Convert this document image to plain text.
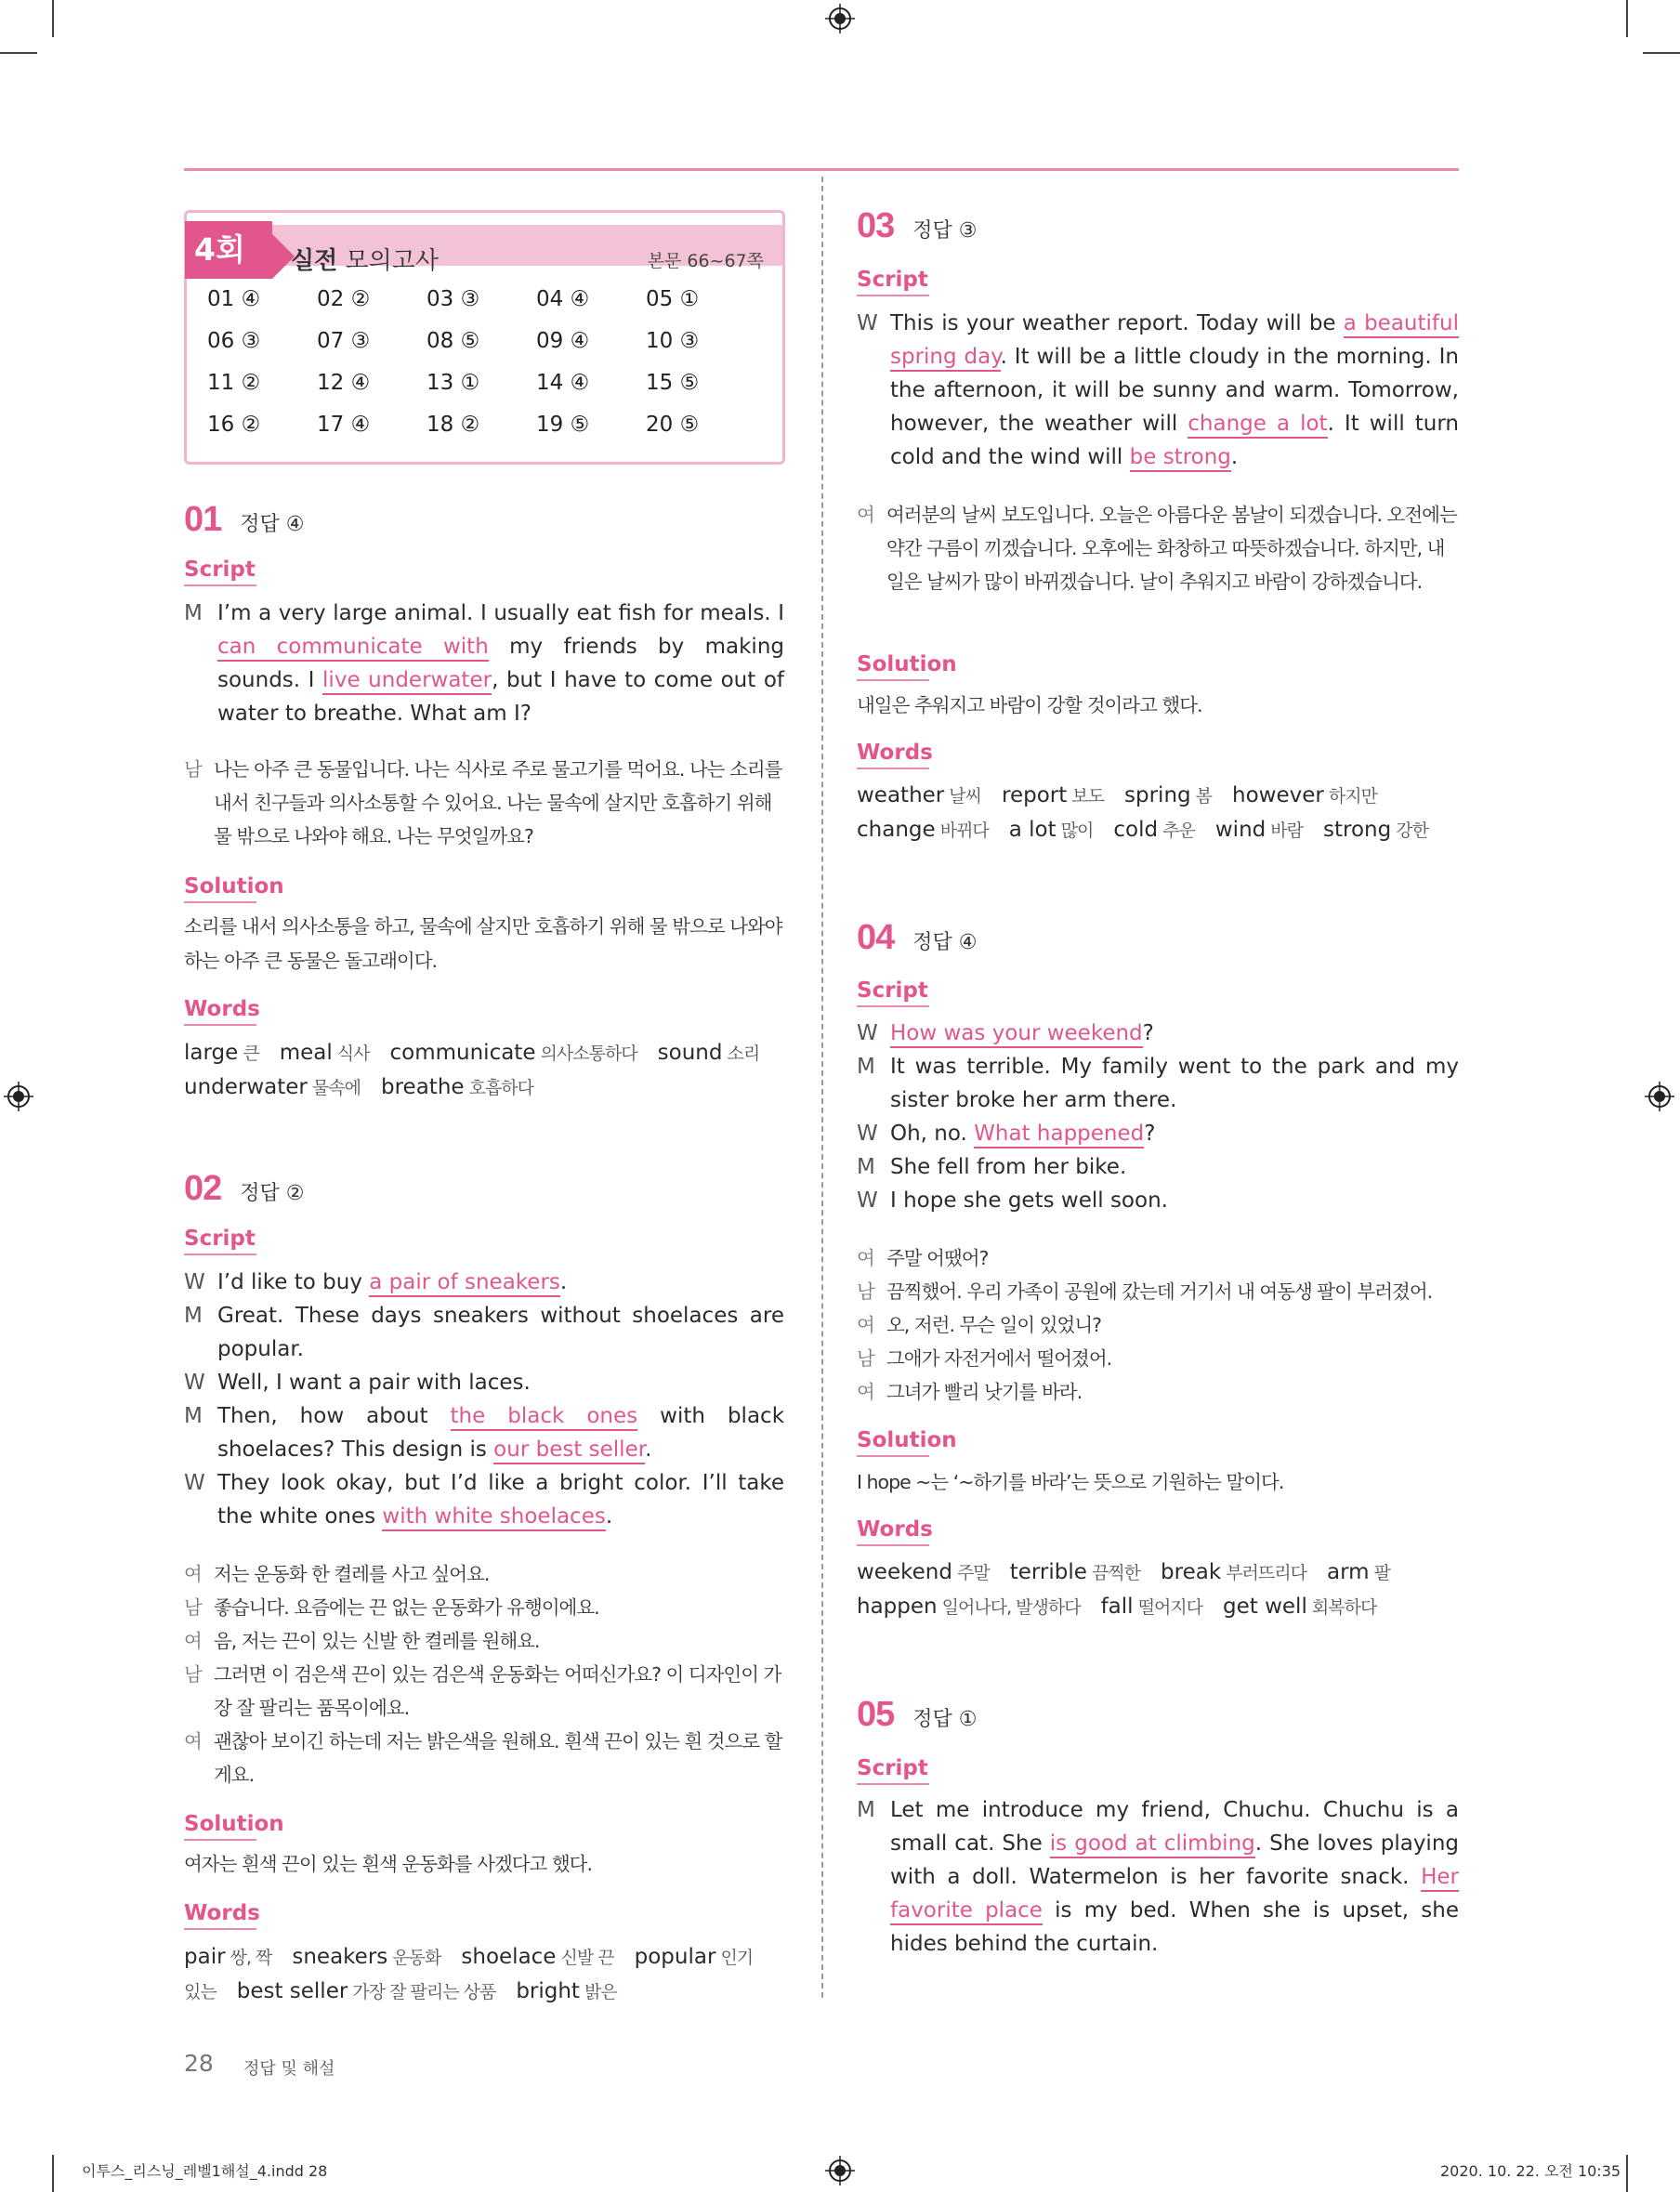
4회	실전 모의고사	본문 66~67쪽
01 ④	02 ②	03 ③	04 ④	05 ①
06 ③	07 ③	08 ⑤	09 ④	10 ③
11 ②	12 ④	13 ①	14 ④	15 ⑤
16 ②	17 ④	18 ②	19 ⑤	20 ⑤
01 정답 ④
Script
M I’m a very large animal. I usually eat fish for meals. I can communicate with my friends by making sounds. I live underwater, but I have to come out of water to breathe. What am I?
남 나는 아주 큰 동물입니다. 나는 식사로 주로 물고기를 먹어요. 나는 소리를 내서 친구들과 의사소통할 수 있어요. 나는 물속에 살지만 호흡하기 위해 물 밖으로 나와야 해요. 나는 무엇일까요?
Solution
소리를 내서 의사소통을 하고, 물속에 살지만 호흡하기 위해 물 밖으로 나와야 하는 아주 큰 동물은 돌고래이다.
Words
large 큰 meal 식사 communicate 의사소통하다 sound 소리
underwater 물속에 breathe 호흡하다
02 정답 ②
Script
W I’d like to buy a pair of sneakers.
M Great. These days sneakers without shoelaces are popular.
W Well, I want a pair with laces.
M Then, how about the black ones with black shoelaces? This design is our best seller.
W They look okay, but I’d like a bright color. I’ll take the white ones with white shoelaces.
여 저는 운동화 한 켤레를 사고 싶어요.
남 좋습니다. 요즘에는 끈 없는 운동화가 유행이에요.
여 음, 저는 끈이 있는 신발 한 켤레를 원해요.
남 그러면 이 검은색 끈이 있는 검은색 운동화는 어떠신가요? 이 디자인이 가장 잘 팔리는 품목이에요.
여 괜찮아 보이긴 하는데 저는 밝은색을 원해요. 흰색 끈이 있는 흰 것으로 할게요.
Solution
여자는 흰색 끈이 있는 흰색 운동화를 사겠다고 했다.
Words
pair 쌍, 짝 sneakers 운동화 shoelace 신발 끈 popular 인기
있는 best seller 가장 잘 팔리는 상품 bright 밝은
03 정답 ③
Script
W This is your weather report. Today will be a beautiful spring day. It will be a little cloudy in the morning. In the afternoon, it will be sunny and warm. Tomorrow, however, the weather will change a lot. It will turn cold and the wind will be strong.
여 여러분의 날씨 보도입니다. 오늘은 아름다운 봄날이 되겠습니다. 오전에는 약간 구름이 끼겠습니다. 오후에는 화창하고 따뜻하겠습니다. 하지만, 내일은 날씨가 많이 바뀌겠습니다. 날이 추워지고 바람이 강하겠습니다.
Solution
내일은 추워지고 바람이 강할 것이라고 했다.
Words
weather 날씨 report 보도 spring 봄 however 하지만
change 바뀌다 a lot 많이 cold 추운 wind 바람 strong 강한
04 정답 ④
Script
W How was your weekend?
M It was terrible. My family went to the park and my sister broke her arm there.
W Oh, no. What happened?
M She fell from her bike.
W I hope she gets well soon.
여 주말 어땠어?
남 끔찍했어. 우리 가족이 공원에 갔는데 거기서 내 여동생 팔이 부러졌어.
여 오, 저런. 무슨 일이 있었니?
남 그애가 자전거에서 떨어졌어.
여 그녀가 빨리 낫기를 바라.
Solution
I hope ~는 ‘~하기를 바라’는 뜻으로 기원하는 말이다.
Words
weekend 주말 terrible 끔찍한 break 부러뜨리다 arm 팔
happen 일어나다, 발생하다 fall 떨어지다 get well 회복하다
05 정답 ①
Script
M Let me introduce my friend, Chuchu. Chuchu is a small cat. She is good at climbing. She loves playing with a doll. Watermelon is her favorite snack. Her favorite place is my bed. When she is upset, she hides behind the curtain.
28 정답 및 해설
이투스_리스닝_레벨1해설_4.indd 28	2020. 10. 22. 오전 10:35
